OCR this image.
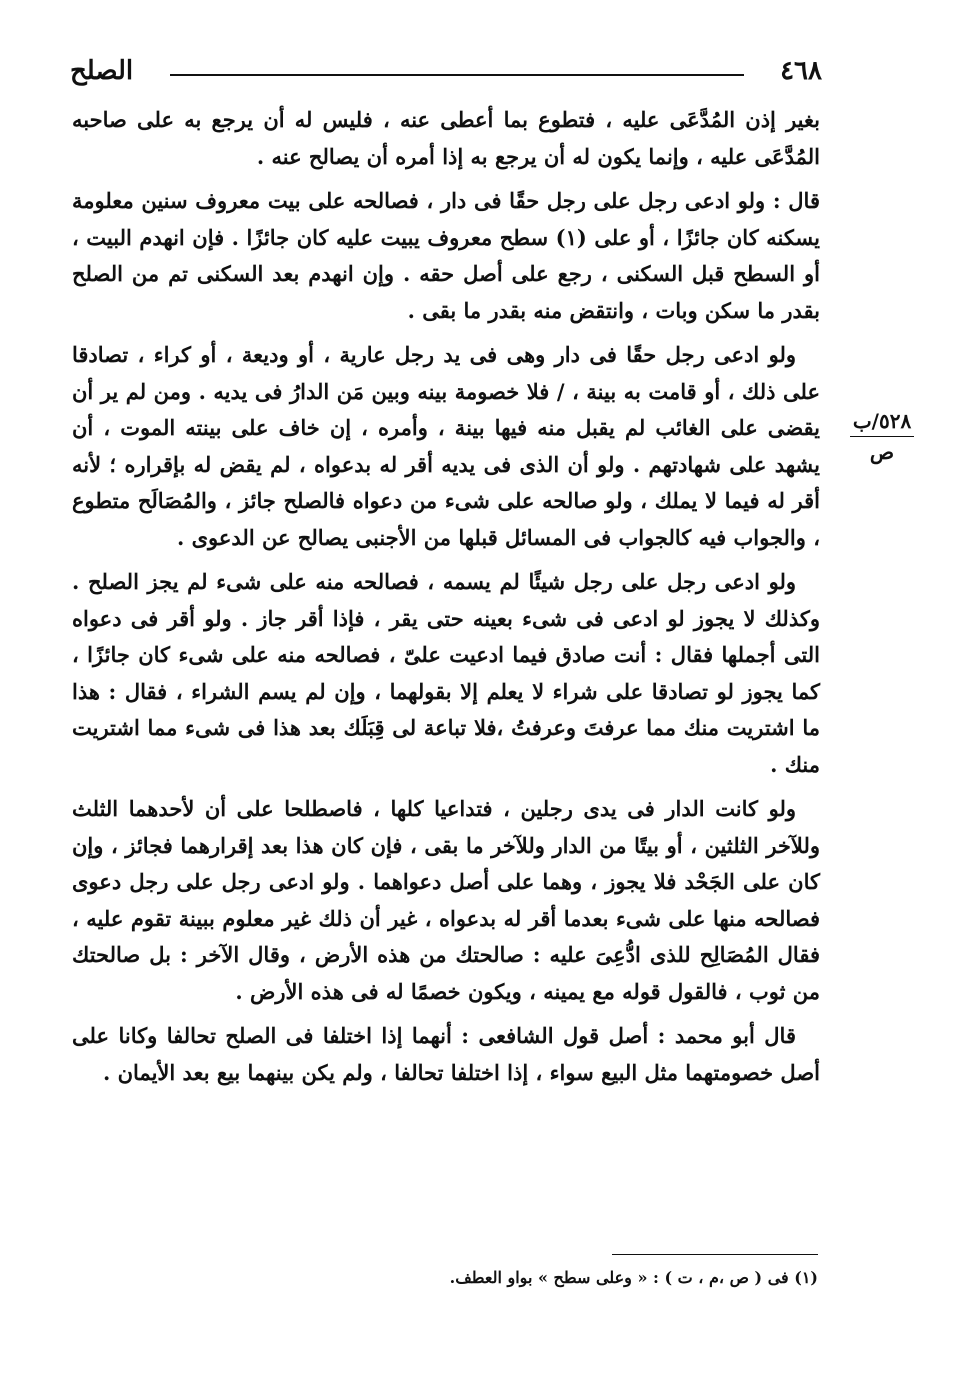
٤٦٨
الصلح

بغير إذن المُدَّعَى عليه ، فتطوع بما أعطى عنه ، فليس له أن يرجع به على صاحبه المُدَّعَى عليه ، وإنما يكون له أن يرجع به إذا أمره أن يصالح عنه .

قال : ولو ادعى رجل على رجل حقًا فى دار ، فصالحه على بيت معروف سنين معلومة يسكنه كان جائزًا ، أو على (١) سطح معروف يبيت عليه كان جائزًا . فإن انهدم البيت ، أو السطح قبل السكنى ، رجع على أصل حقه . وإن انهدم بعد السكنى تم من الصلح بقدر ما سكن وبات ، وانتقض منه بقدر ما بقى .

ولو ادعى رجل حقًا فى دار وهى فى يد رجل عارية ، أو وديعة ، أو كراء ، تصادقا على ذلك ، أو قامت به بينة ، / فلا خصومة بينه وبين مَن الدارُ فى يديه . ومن لم ير أن يقضى على الغائب لم يقبل منه فيها بينة ، وأمره ، إن خاف على بينته الموت ، أن يشهد على شهادتهم . ولو أن الذى فى يديه أقر له بدعواه ، لم يقض له بإقراره ؛ لأنه أقر له فيما لا يملك ، ولو صالحه على شىء من دعواه فالصلح جائز ، والمُصَالَح متطوع ، والجواب فيه كالجواب فى المسائل قبلها من الأجنبى يصالح عن الدعوى .

ولو ادعى رجل على رجل شيئًا لم يسمه ، فصالحه منه على شىء لم يجز الصلح . وكذلك لا يجوز لو ادعى فى شىء بعينه حتى يقر ، فإذا أقر جاز . ولو أقر فى دعواه التى أجملها فقال : أنت صادق فيما ادعيت علىّ ، فصالحه منه على شىء كان جائزًا ، كما يجوز لو تصادقا على شراء لا يعلم إلا بقولهما ، وإن لم يسم الشراء ، فقال : هذا ما اشتريت منك مما عرفتَ وعرفتُ ،فلا تباعة لى قِبَلَك بعد هذا فى شىء مما اشتريت منك .

ولو كانت الدار فى يدى رجلين ، فتداعيا كلها ، فاصطلحا على أن لأحدهما الثلث وللآخر الثلثين ، أو بيتًا من الدار وللآخر ما بقى ، فإن كان هذا بعد إقرارهما فجائز ، وإن كان على الجَحْد فلا يجوز ، وهما على أصل دعواهما . ولو ادعى رجل على رجل دعوى فصالحه منها على شىء بعدما أقر له بدعواه ، غير أن ذلك غير معلوم ببينة تقوم عليه ، فقال المُصَالِح للذى ادُّعِىَ عليه : صالحتك من هذه الأرض ، وقال الآخر : بل صالحتك من ثوب ، فالقول قوله مع يمينه ، ويكون خصمًا له فى هذه الأرض .

قال أبو محمد : أصل قول الشافعى : أنهما إذا اختلفا فى الصلح تحالفا وكانا على أصل خصومتهما مثل البيع سواء ، إذا اختلفا تحالفا ، ولم يكن بينهما بيع بعد الأيمان .

٥٢٨/ب
ص
(١) فى ( ص ،م ، ت ) : « وعلى سطح » بواو العطف.
